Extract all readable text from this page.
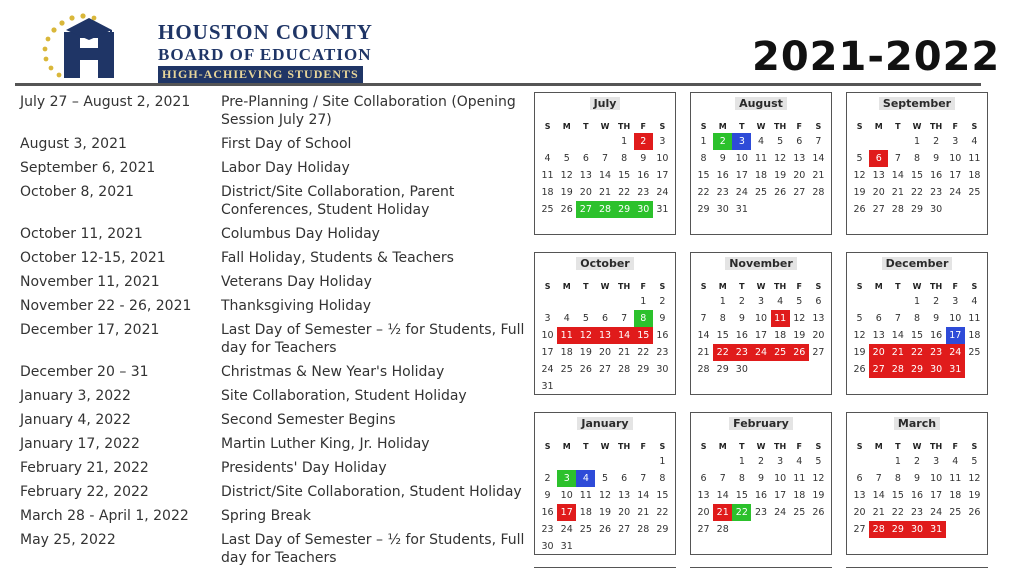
HOUSTON COUNTY
BOARD OF EDUCATION
HIGH-ACHIEVING STUDENTS	2021-2022
July 27 – August 2, 2021	Pre-Planning / Site Collaboration (Opening Session July 27)
August 3, 2021	First Day of School
September 6, 2021	Labor Day Holiday
October 8, 2021	District/Site Collaboration, Parent Conferences, Student Holiday
October 11, 2021	Columbus Day Holiday
October 12-15, 2021	Fall Holiday, Students & Teachers
November 11, 2021	Veterans Day Holiday
November 22 - 26, 2021	Thanksgiving Holiday
December 17, 2021	Last Day of Semester – ½ for Students, Full day for Teachers
December 20 – 31	Christmas & New Year's Holiday
January 3, 2022	Site Collaboration, Student Holiday
January 4, 2022	Second Semester Begins
January 17, 2022	Martin Luther King, Jr. Holiday
February 21, 2022	Presidents' Day Holiday
February 22, 2022	District/Site Collaboration, Student Holiday
March 28 - April 1, 2022	Spring Break
May 25, 2022	Last Day of Semester – ½ for Students, Full day for Teachers
July
S	M	T	W	TH	F	S
				1	2	3
4	5	6	7	8	9	10
11	12	13	14	15	16	17
18	19	20	21	22	23	24
25	26	27	28	29	30	31
August
S	M	T	W	TH	F	S
1	2	3	4	5	6	7
8	9	10	11	12	13	14
15	16	17	18	19	20	21
22	23	24	25	26	27	28
29	30	31				
September
S	M	T	W	TH	F	S
			1	2	3	4
5	6	7	8	9	10	11
12	13	14	15	16	17	18
19	20	21	22	23	24	25
26	27	28	29	30		
October
S	M	T	W	TH	F	S
					1	2
3	4	5	6	7	8	9
10	11	12	13	14	15	16
17	18	19	20	21	22	23
24	25	26	27	28	29	30
31						
November
S	M	T	W	TH	F	S
	1	2	3	4	5	6
7	8	9	10	11	12	13
14	15	16	17	18	19	20
21	22	23	24	25	26	27
28	29	30				
December
S	M	T	W	TH	F	S
			1	2	3	4
5	6	7	8	9	10	11
12	13	14	15	16	17	18
19	20	21	22	23	24	25
26	27	28	29	30	31	
January
S	M	T	W	TH	F	S
						1
2	3	4	5	6	7	8
9	10	11	12	13	14	15
16	17	18	19	20	21	22
23	24	25	26	27	28	29
30	31					
February
S	M	T	W	TH	F	S
		1	2	3	4	5
6	7	8	9	10	11	12
13	14	15	16	17	18	19
20	21	22	23	24	25	26
27	28					
March
S	M	T	W	TH	F	S
		1	2	3	4	5
6	7	8	9	10	11	12
13	14	15	16	17	18	19
20	21	22	23	24	25	26
27	28	29	30	31		
